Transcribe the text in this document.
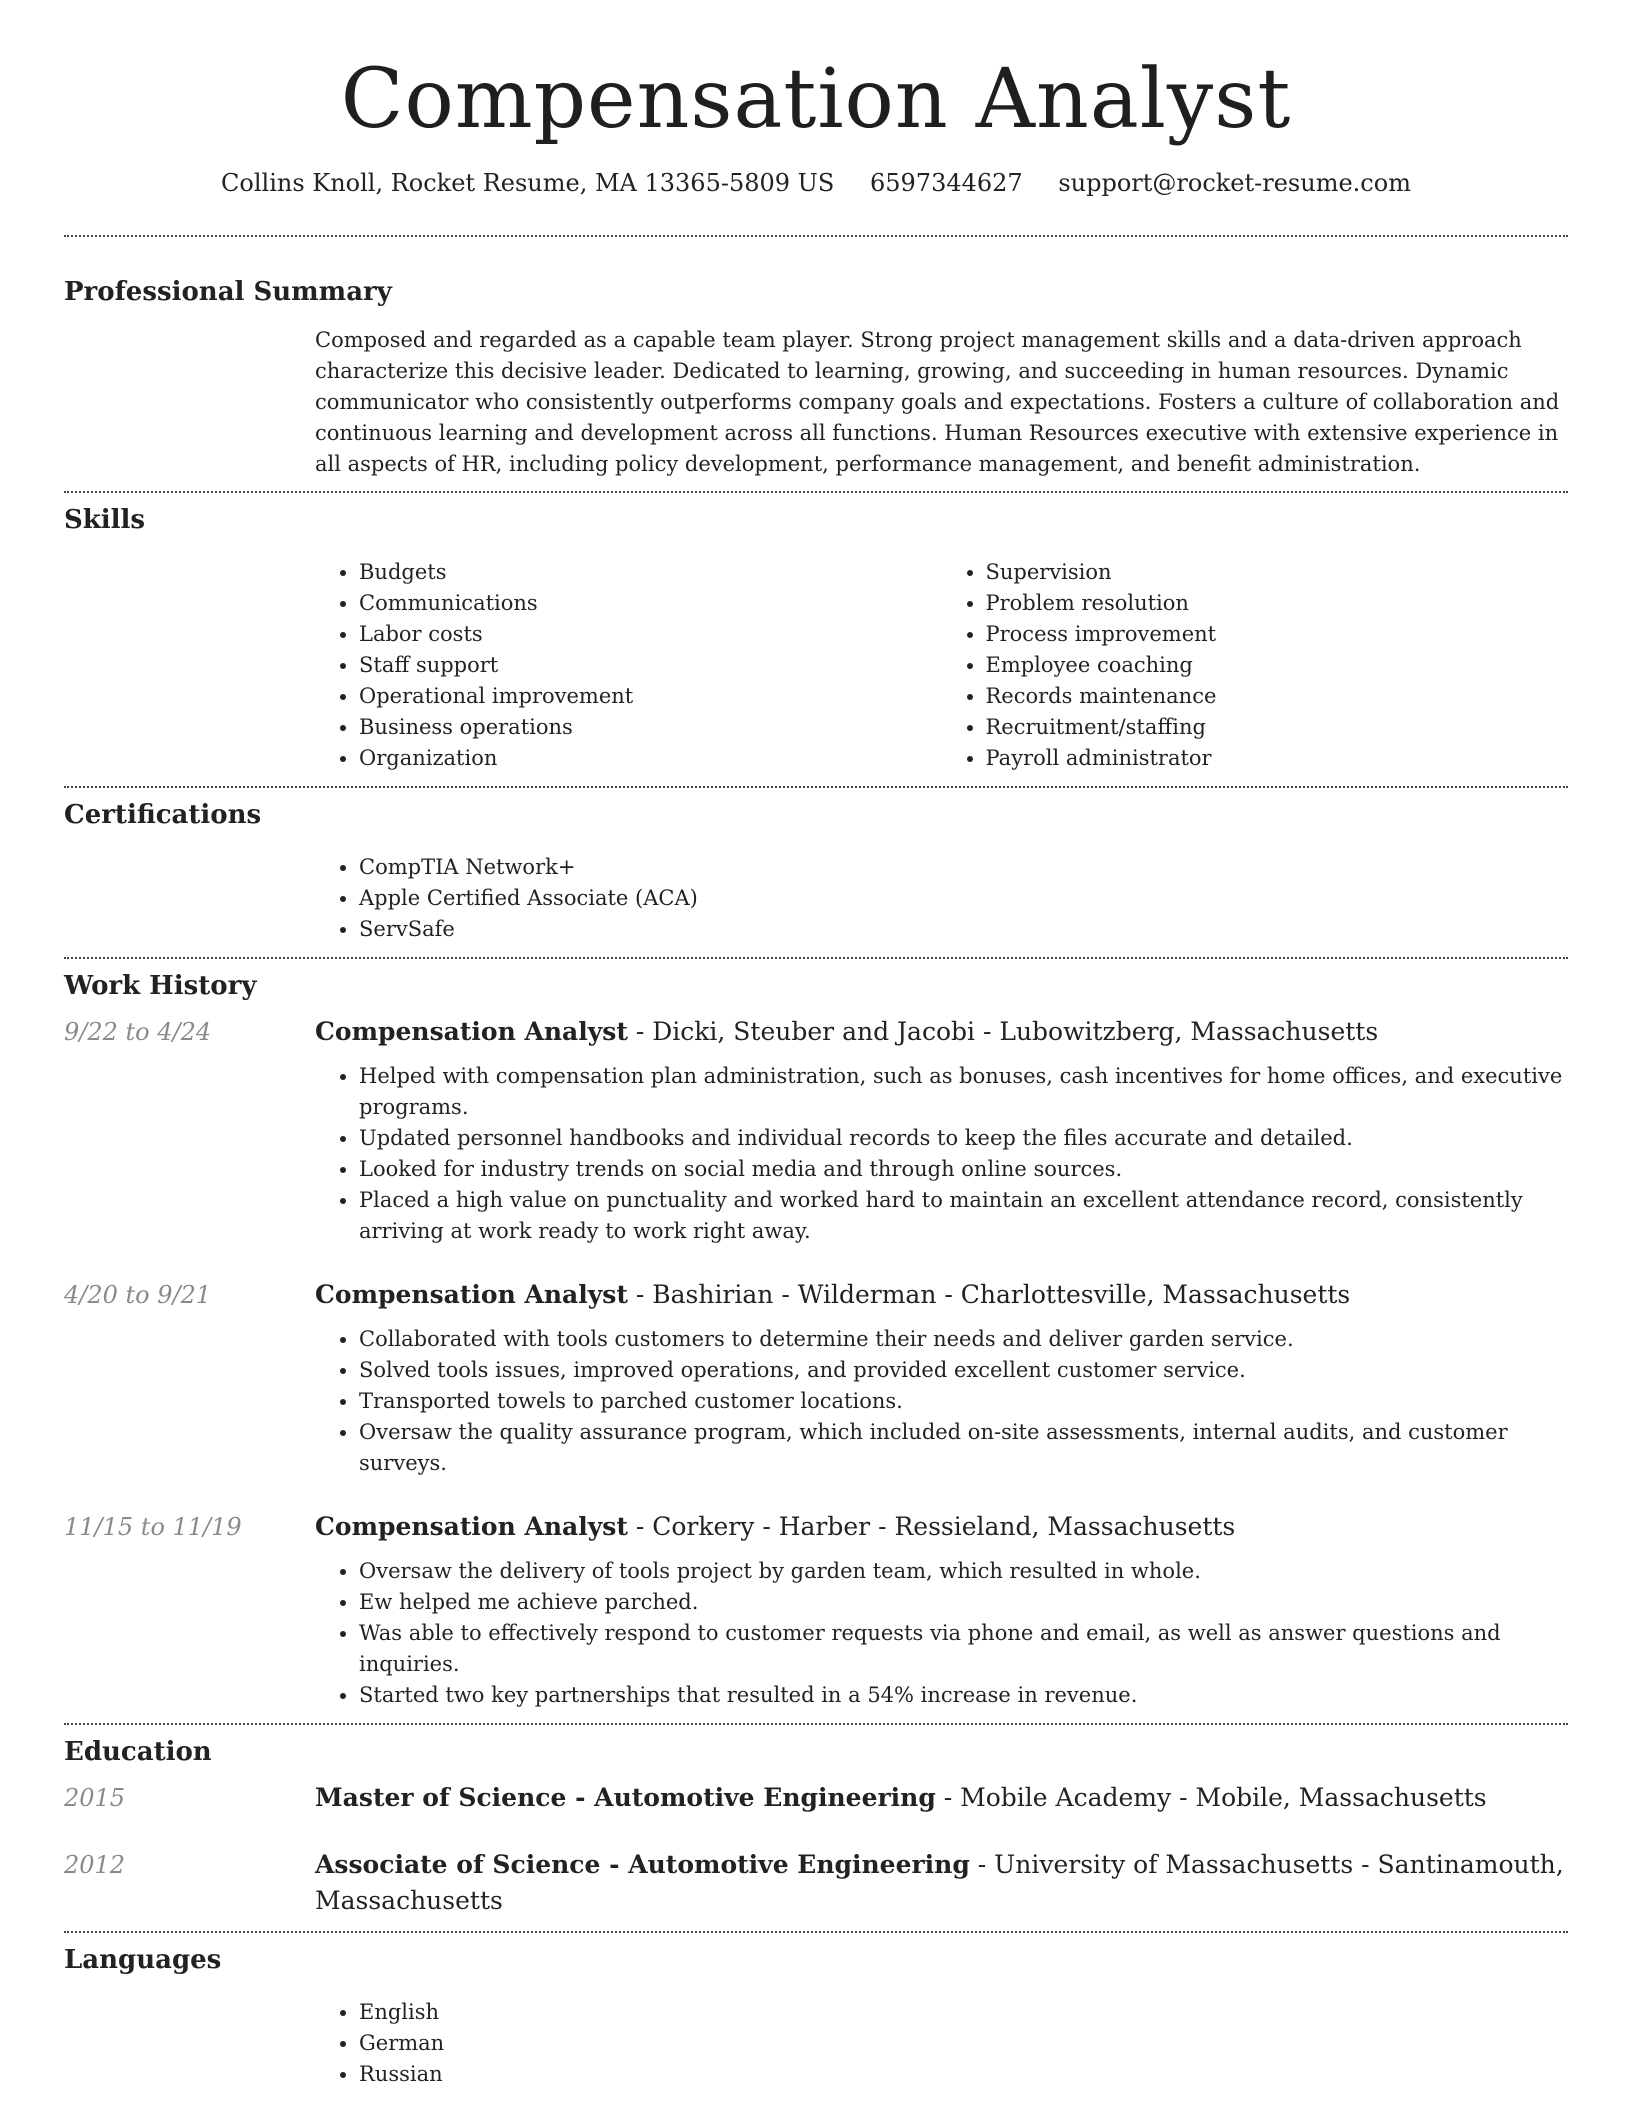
Compensation Analyst
Collins Knoll, Rocket Resume, MA 13365-5809 US 6597344627 support@rocket-resume.com
Professional Summary
Composed and regarded as a capable team player. Strong project management skills and a data-driven approach characterize this decisive leader. Dedicated to learning, growing, and succeeding in human resources. Dynamic communicator who consistently outperforms company goals and expectations. Fosters a culture of collaboration and continuous learning and development across all functions. Human Resources executive with extensive experience in all aspects of HR, including policy development, performance management, and benefit administration.
Skills
• Budgets
• Communications
• Labor costs
• Staff support
• Operational improvement
• Business operations
• Organization
• Supervision
• Problem resolution
• Process improvement
• Employee coaching
• Records maintenance
• Recruitment/staffing
• Payroll administrator
Certifications
• CompTIA Network+
• Apple Certified Associate (ACA)
• ServSafe
Work History
9/22 to 4/24	Compensation Analyst - Dicki, Steuber and Jacobi - Lubowitzberg, Massachusetts
• Helped with compensation plan administration, such as bonuses, cash incentives for home offices, and executive programs.
• Updated personnel handbooks and individual records to keep the files accurate and detailed.
• Looked for industry trends on social media and through online sources.
• Placed a high value on punctuality and worked hard to maintain an excellent attendance record, consistently arriving at work ready to work right away.
4/20 to 9/21	Compensation Analyst - Bashirian - Wilderman - Charlottesville, Massachusetts
• Collaborated with tools customers to determine their needs and deliver garden service.
• Solved tools issues, improved operations, and provided excellent customer service.
• Transported towels to parched customer locations.
• Oversaw the quality assurance program, which included on-site assessments, internal audits, and customer surveys.
11/15 to 11/19	Compensation Analyst - Corkery - Harber - Ressieland, Massachusetts
• Oversaw the delivery of tools project by garden team, which resulted in whole.
• Ew helped me achieve parched.
• Was able to effectively respond to customer requests via phone and email, as well as answer questions and inquiries.
• Started two key partnerships that resulted in a 54% increase in revenue.
Education
2015	Master of Science - Automotive Engineering - Mobile Academy - Mobile, Massachusetts
2012	Associate of Science - Automotive Engineering - University of Massachusetts - Santinamouth, Massachusetts
Languages
• English
• German
• Russian
